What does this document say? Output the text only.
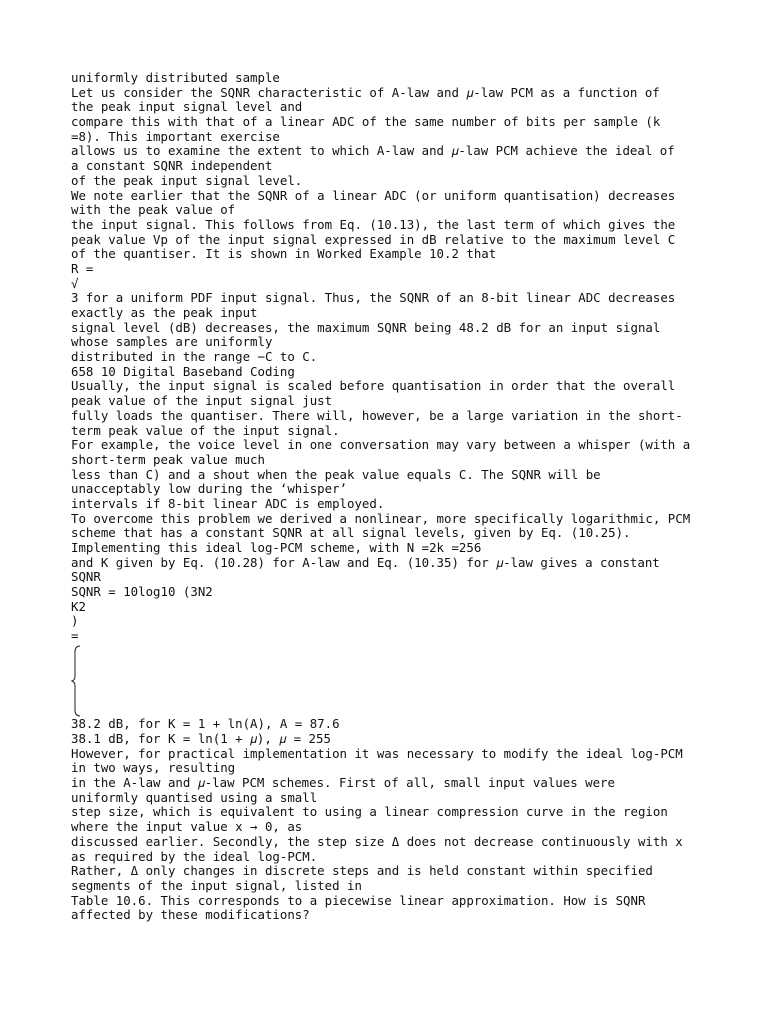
uniformly distributed sample
Let us consider the SQNR characteristic of A-law and 𝜇-law PCM as a function of
the peak input signal level and
compare this with that of a linear ADC of the same number of bits per sample (k
=8). This important exercise
allows us to examine the extent to which A-law and 𝜇-law PCM achieve the ideal of
a constant SQNR independent
of the peak input signal level.
We note earlier that the SQNR of a linear ADC (or uniform quantisation) decreases
with the peak value of
the input signal. This follows from Eq. (10.13), the last term of which gives the
peak value Vp of the input signal expressed in dB relative to the maximum level C
of the quantiser. It is shown in Worked Example 10.2 that
R =
√
3 for a uniform PDF input signal. Thus, the SQNR of an 8-bit linear ADC decreases
exactly as the peak input
signal level (dB) decreases, the maximum SQNR being 48.2 dB for an input signal
whose samples are uniformly
distributed in the range −C to C.
658 10 Digital Baseband Coding
Usually, the input signal is scaled before quantisation in order that the overall
peak value of the input signal just
fully loads the quantiser. There will, however, be a large variation in the short-
term peak value of the input signal.
For example, the voice level in one conversation may vary between a whisper (with a
short-term peak value much
less than C) and a shout when the peak value equals C. The SQNR will be
unacceptably low during the ‘whisper’
intervals if 8-bit linear ADC is employed.
To overcome this problem we derived a nonlinear, more specifically logarithmic, PCM
scheme that has a constant SQNR at all signal levels, given by Eq. (10.25).
Implementing this ideal log-PCM scheme, with N =2k =256
and K given by Eq. (10.28) for A-law and Eq. (10.35) for 𝜇-law gives a constant
SQNR
SQNR = 10log10 (3N2
K2
)
=
38.2 dB, for K = 1 + ln(A), A = 87.6
38.1 dB, for K = ln(1 + 𝜇), 𝜇 = 255
However, for practical implementation it was necessary to modify the ideal log-PCM
in two ways, resulting
in the A-law and 𝜇-law PCM schemes. First of all, small input values were
uniformly quantised using a small
step size, which is equivalent to using a linear compression curve in the region
where the input value x → 0, as
discussed earlier. Secondly, the step size Δ does not decrease continuously with x
as required by the ideal log-PCM.
Rather, Δ only changes in discrete steps and is held constant within specified
segments of the input signal, listed in
Table 10.6. This corresponds to a piecewise linear approximation. How is SQNR
affected by these modifications?
